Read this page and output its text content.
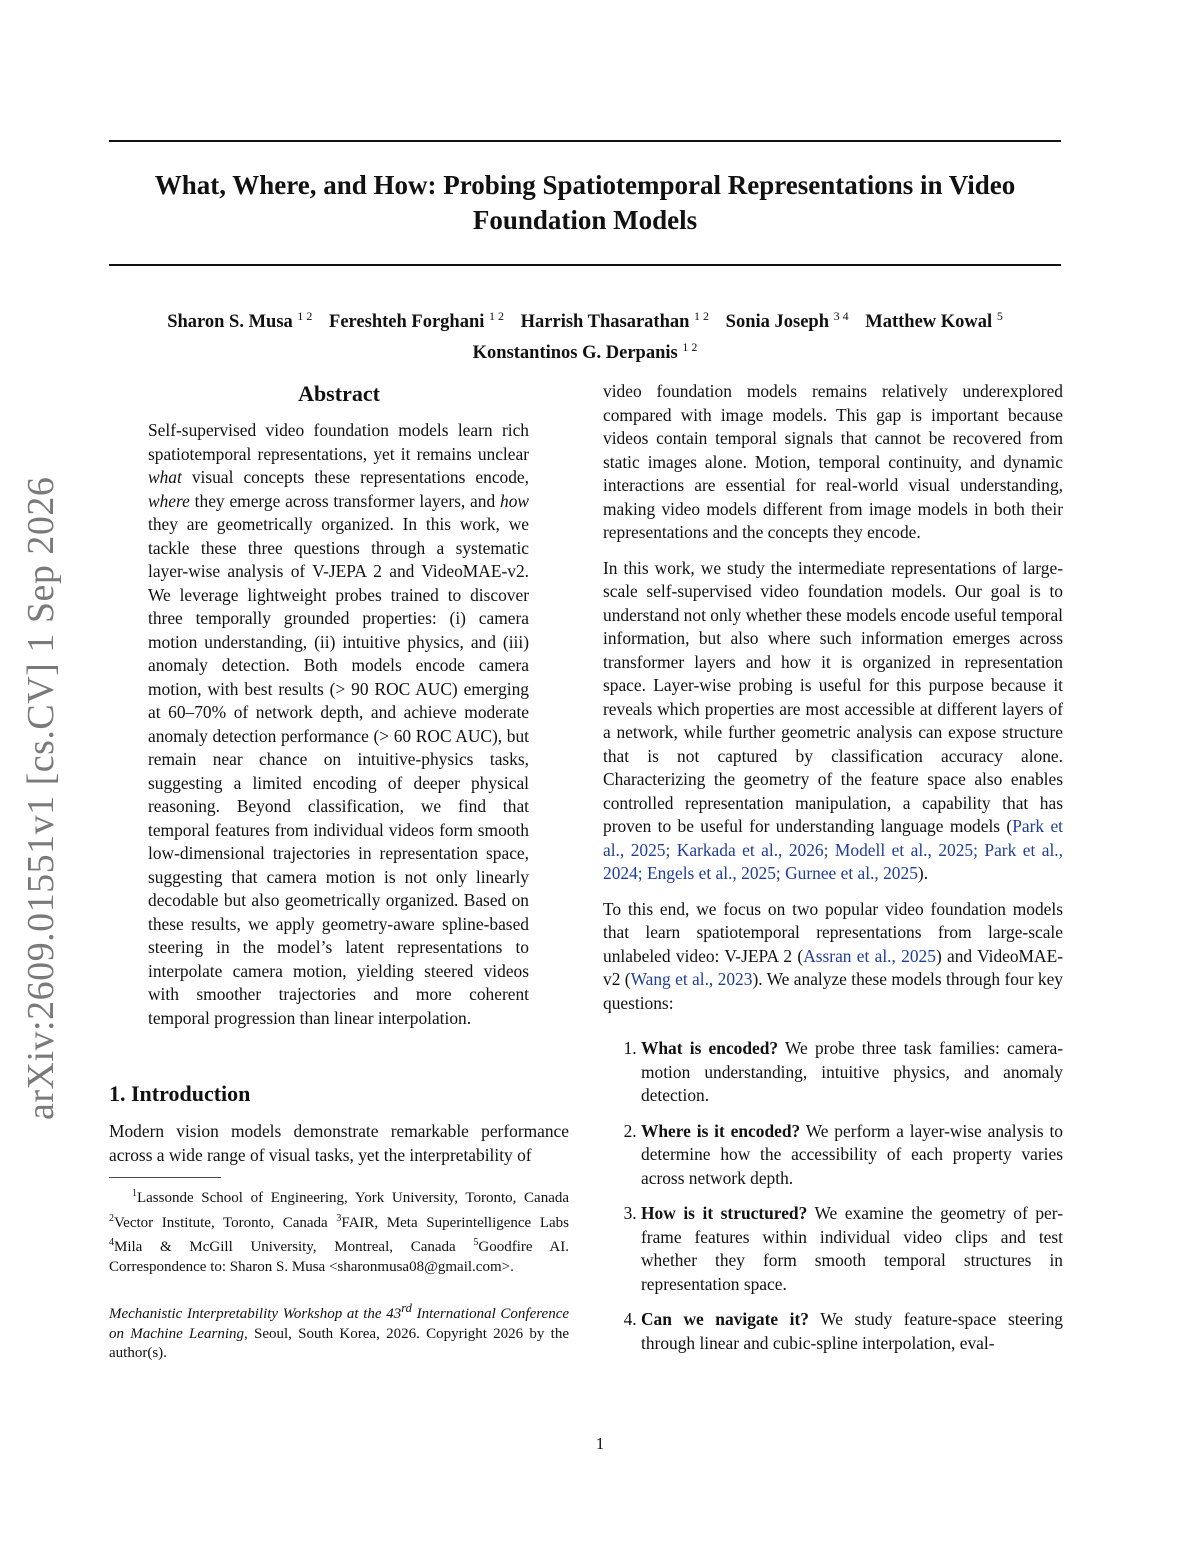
arXiv:2609.01551v1 [cs.CV] 1 Sep 2026
What, Where, and How: Probing Spatiotemporal Representations in Video Foundation Models
Sharon S. Musa $^{1 2}$ Fereshteh Forghani $^{1 2}$ Harrish Thasarathan $^{1 2}$ Sonia Joseph $^{3 4}$ Matthew Kowal $^5$
Konstantinos G. Derpanis $^{1 2}$
Abstract

Self-supervised video foundation models learn rich spatiotemporal representations, yet it remains unclear what visual concepts these representations encode, where they emerge across transformer layers, and how they are geometrically organized. In this work, we tackle these three questions through a systematic layer-wise analysis of V-JEPA 2 and VideoMAE-v2. We leverage lightweight probes trained to discover three temporally grounded properties: (i) camera motion understanding, (ii) intuitive physics, and (iii) anomaly detection. Both models encode camera motion, with best results (> 90 ROC AUC) emerging at 60–70% of network depth, and achieve moderate anomaly detection performance (> 60 ROC AUC), but remain near chance on intuitive-physics tasks, suggesting a limited encoding of deeper physical reasoning. Beyond classification, we find that temporal features from individual videos form smooth low-dimensional trajectories in representation space, suggesting that camera motion is not only linearly decodable but also geometrically organized. Based on these results, we apply geometry-aware spline-based steering in the model’s latent representations to interpolate camera motion, yielding steered videos with smoother trajectories and more coherent temporal progression than linear interpolation.

1. Introduction

Modern vision models demonstrate remarkable performance across a wide range of visual tasks, yet the interpretability of

$^1$Lassonde School of Engineering, York University, Toronto, Canada $^2$Vector Institute, Toronto, Canada $^3$FAIR, Meta Superintelligence Labs $^4$Mila & McGill University, Montreal, Canada $^5$Goodfire AI. Correspondence to: Sharon S. Musa <sharonmusa08@gmail.com>.
Mechanistic Interpretability Workshop at the 43rd International Conference on Machine Learning, Seoul, South Korea, 2026. Copyright 2026 by the author(s).

video foundation models remains relatively underexplored compared with image models. This gap is important because videos contain temporal signals that cannot be recovered from static images alone. Motion, temporal continuity, and dynamic interactions are essential for real-world visual understanding, making video models different from image models in both their representations and the concepts they encode.

In this work, we study the intermediate representations of large-scale self-supervised video foundation models. Our goal is to understand not only whether these models encode useful temporal information, but also where such information emerges across transformer layers and how it is organized in representation space. Layer-wise probing is useful for this purpose because it reveals which properties are most accessible at different layers of a network, while further geometric analysis can expose structure that is not captured by classification accuracy alone. Characterizing the geometry of the feature space also enables controlled representation manipulation, a capability that has proven to be useful for understanding language models (Park et al., 2025; Karkada et al., 2026; Modell et al., 2025; Park et al., 2024; Engels et al., 2025; Gurnee et al., 2025).

To this end, we focus on two popular video foundation models that learn spatiotemporal representations from large-scale unlabeled video: V-JEPA 2 (Assran et al., 2025) and VideoMAE-v2 (Wang et al., 2023). We analyze these models through four key questions:

1. What is encoded? We probe three task families: camera-motion understanding, intuitive physics, and anomaly detection.
2. Where is it encoded? We perform a layer-wise analysis to determine how the accessibility of each property varies across network depth.
3. How is it structured? We examine the geometry of per-frame features within individual video clips and test whether they form smooth temporal structures in representation space.
4. Can we navigate it? We study feature-space steering through linear and cubic-spline interpolation, eval-
1
